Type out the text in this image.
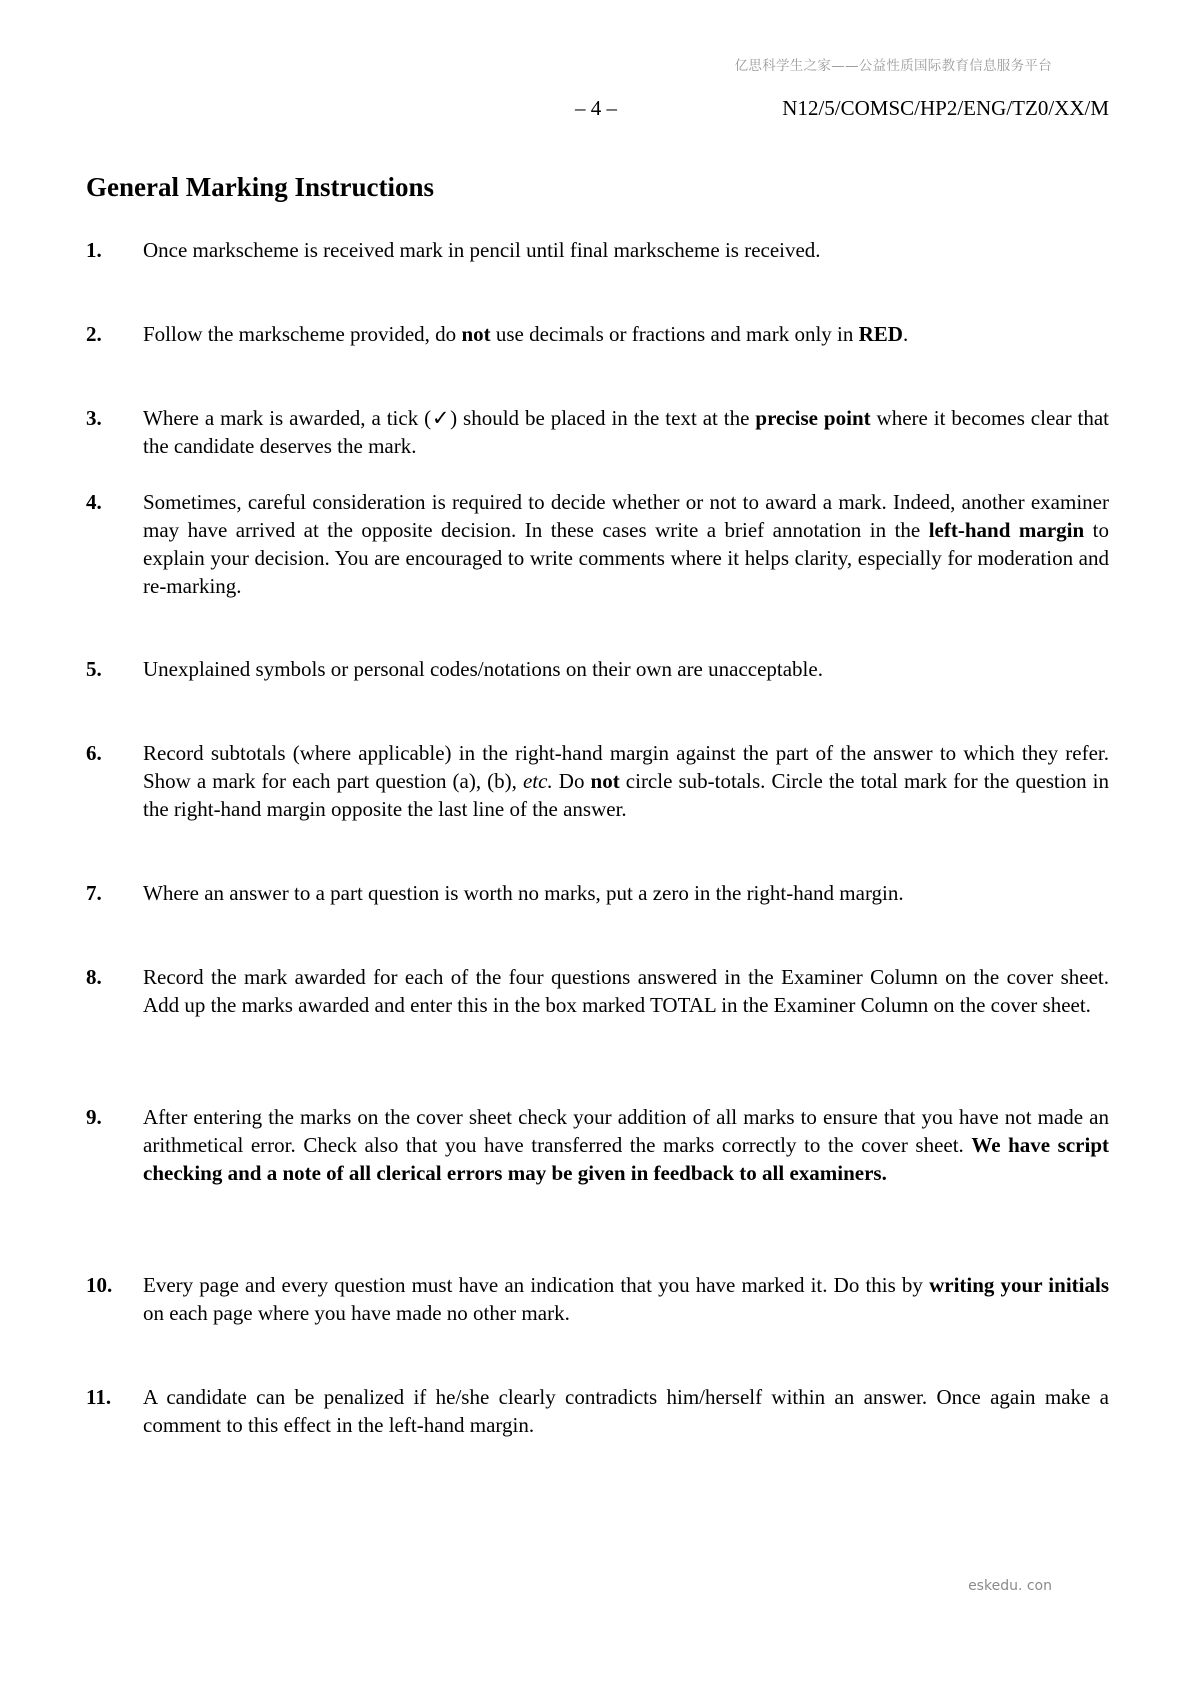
亿思科学生之家——公益性质国际教育信息服务平台
– 4 –	N12/5/COMSC/HP2/ENG/TZ0/XX/M
General Marking Instructions
1. Once markscheme is received mark in pencil until final markscheme is received.
2. Follow the markscheme provided, do not use decimals or fractions and mark only in RED.
3. Where a mark is awarded, a tick (✓) should be placed in the text at the precise point where it becomes clear that the candidate deserves the mark.
4. Sometimes, careful consideration is required to decide whether or not to award a mark. Indeed, another examiner may have arrived at the opposite decision. In these cases write a brief annotation in the left-hand margin to explain your decision. You are encouraged to write comments where it helps clarity, especially for moderation and re-marking.
5. Unexplained symbols or personal codes/notations on their own are unacceptable.
6. Record subtotals (where applicable) in the right-hand margin against the part of the answer to which they refer. Show a mark for each part question (a), (b), etc. Do not circle sub-totals. Circle the total mark for the question in the right-hand margin opposite the last line of the answer.
7. Where an answer to a part question is worth no marks, put a zero in the right-hand margin.
8. Record the mark awarded for each of the four questions answered in the Examiner Column on the cover sheet. Add up the marks awarded and enter this in the box marked TOTAL in the Examiner Column on the cover sheet.
9. After entering the marks on the cover sheet check your addition of all marks to ensure that you have not made an arithmetical error. Check also that you have transferred the marks correctly to the cover sheet. We have script checking and a note of all clerical errors may be given in feedback to all examiners.
10. Every page and every question must have an indication that you have marked it. Do this by writing your initials on each page where you have made no other mark.
11. A candidate can be penalized if he/she clearly contradicts him/herself within an answer. Once again make a comment to this effect in the left-hand margin.
eskedu. con
